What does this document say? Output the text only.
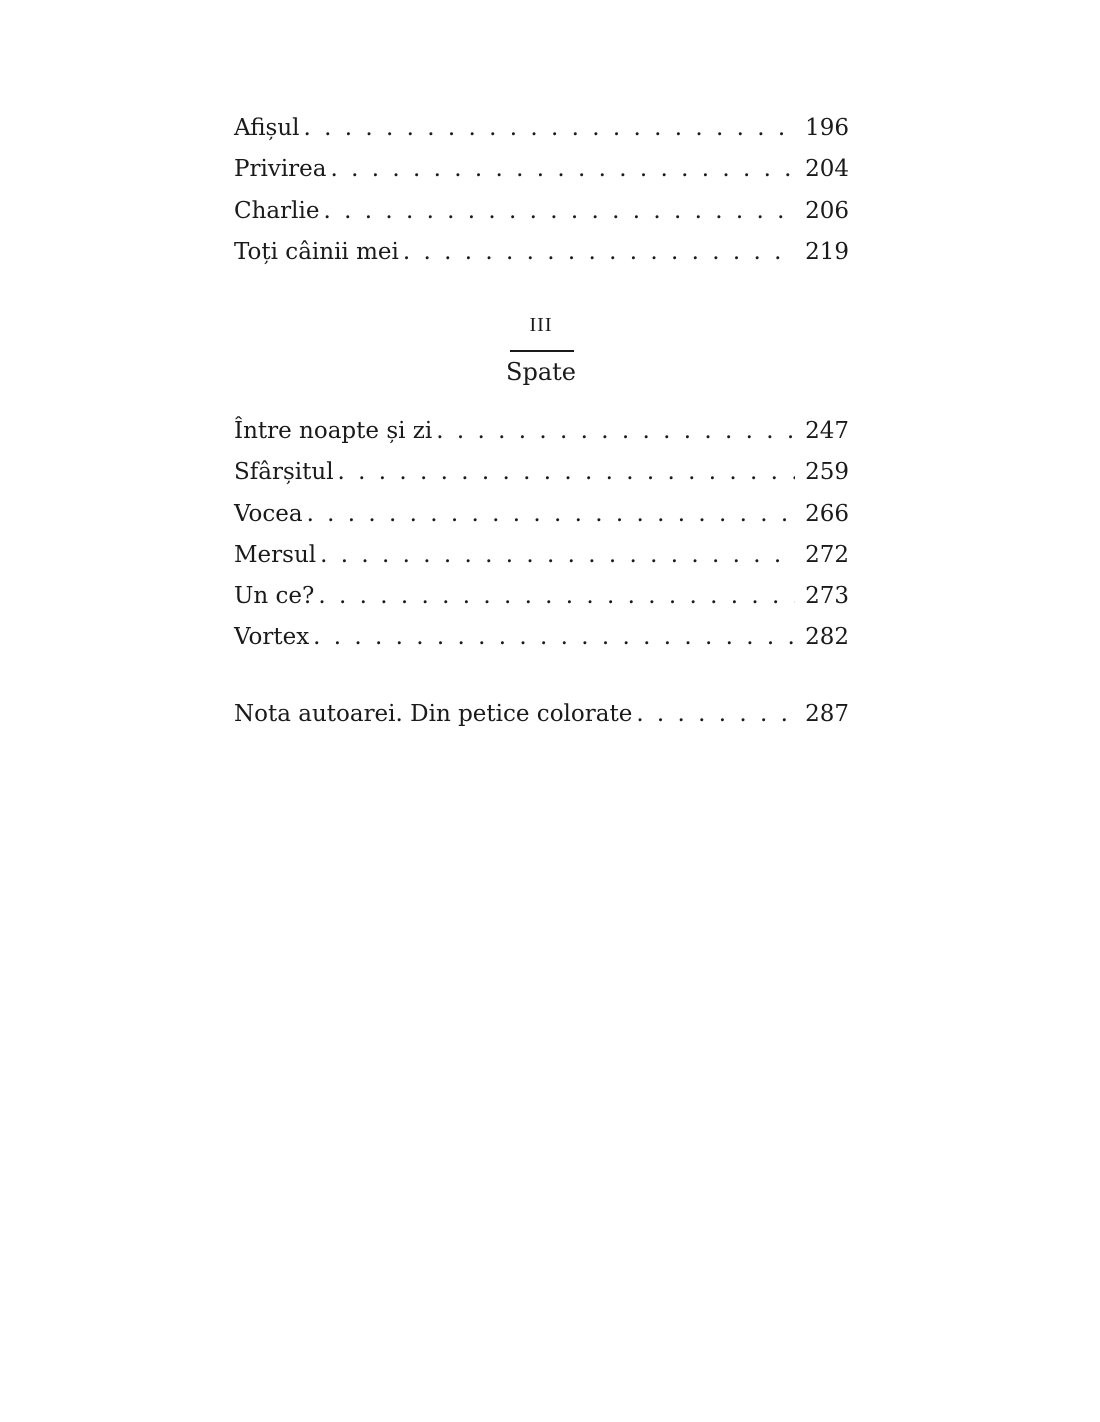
Afișul . . .	196
Privirea . . .	204
Charlie . . .	206
Toți câinii mei . . .	219
III
Spate
Între noapte și zi . . .	247
Sfârșitul . . .	259
Vocea . . .	266
Mersul . . .	272
Un ce? . . .	273
Vortex . . .	282
Nota autoarei. Din petice colorate . . .	287
